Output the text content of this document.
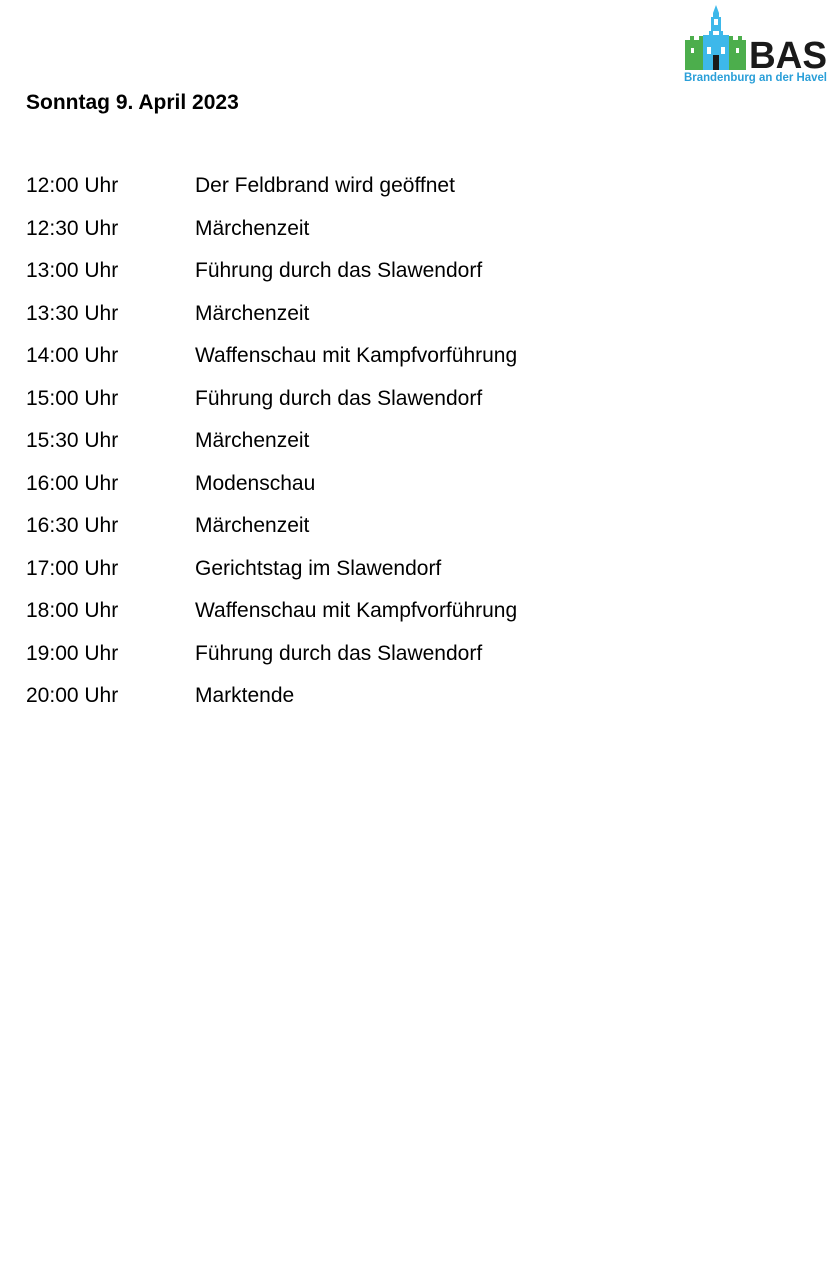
BAS
Brandenburg an der Havel
Sonntag 9. April 2023
12:00 Uhr	Der Feldbrand wird geöffnet
12:30 Uhr	Märchenzeit
13:00 Uhr	Führung durch das Slawendorf
13:30 Uhr	Märchenzeit
14:00 Uhr	Waffenschau mit Kampfvorführung
15:00 Uhr	Führung durch das Slawendorf
15:30 Uhr	Märchenzeit
16:00 Uhr	Modenschau
16:30 Uhr	Märchenzeit
17:00 Uhr	Gerichtstag im Slawendorf
18:00 Uhr	Waffenschau mit Kampfvorführung
19:00 Uhr	Führung durch das Slawendorf
20:00 Uhr	Marktende
